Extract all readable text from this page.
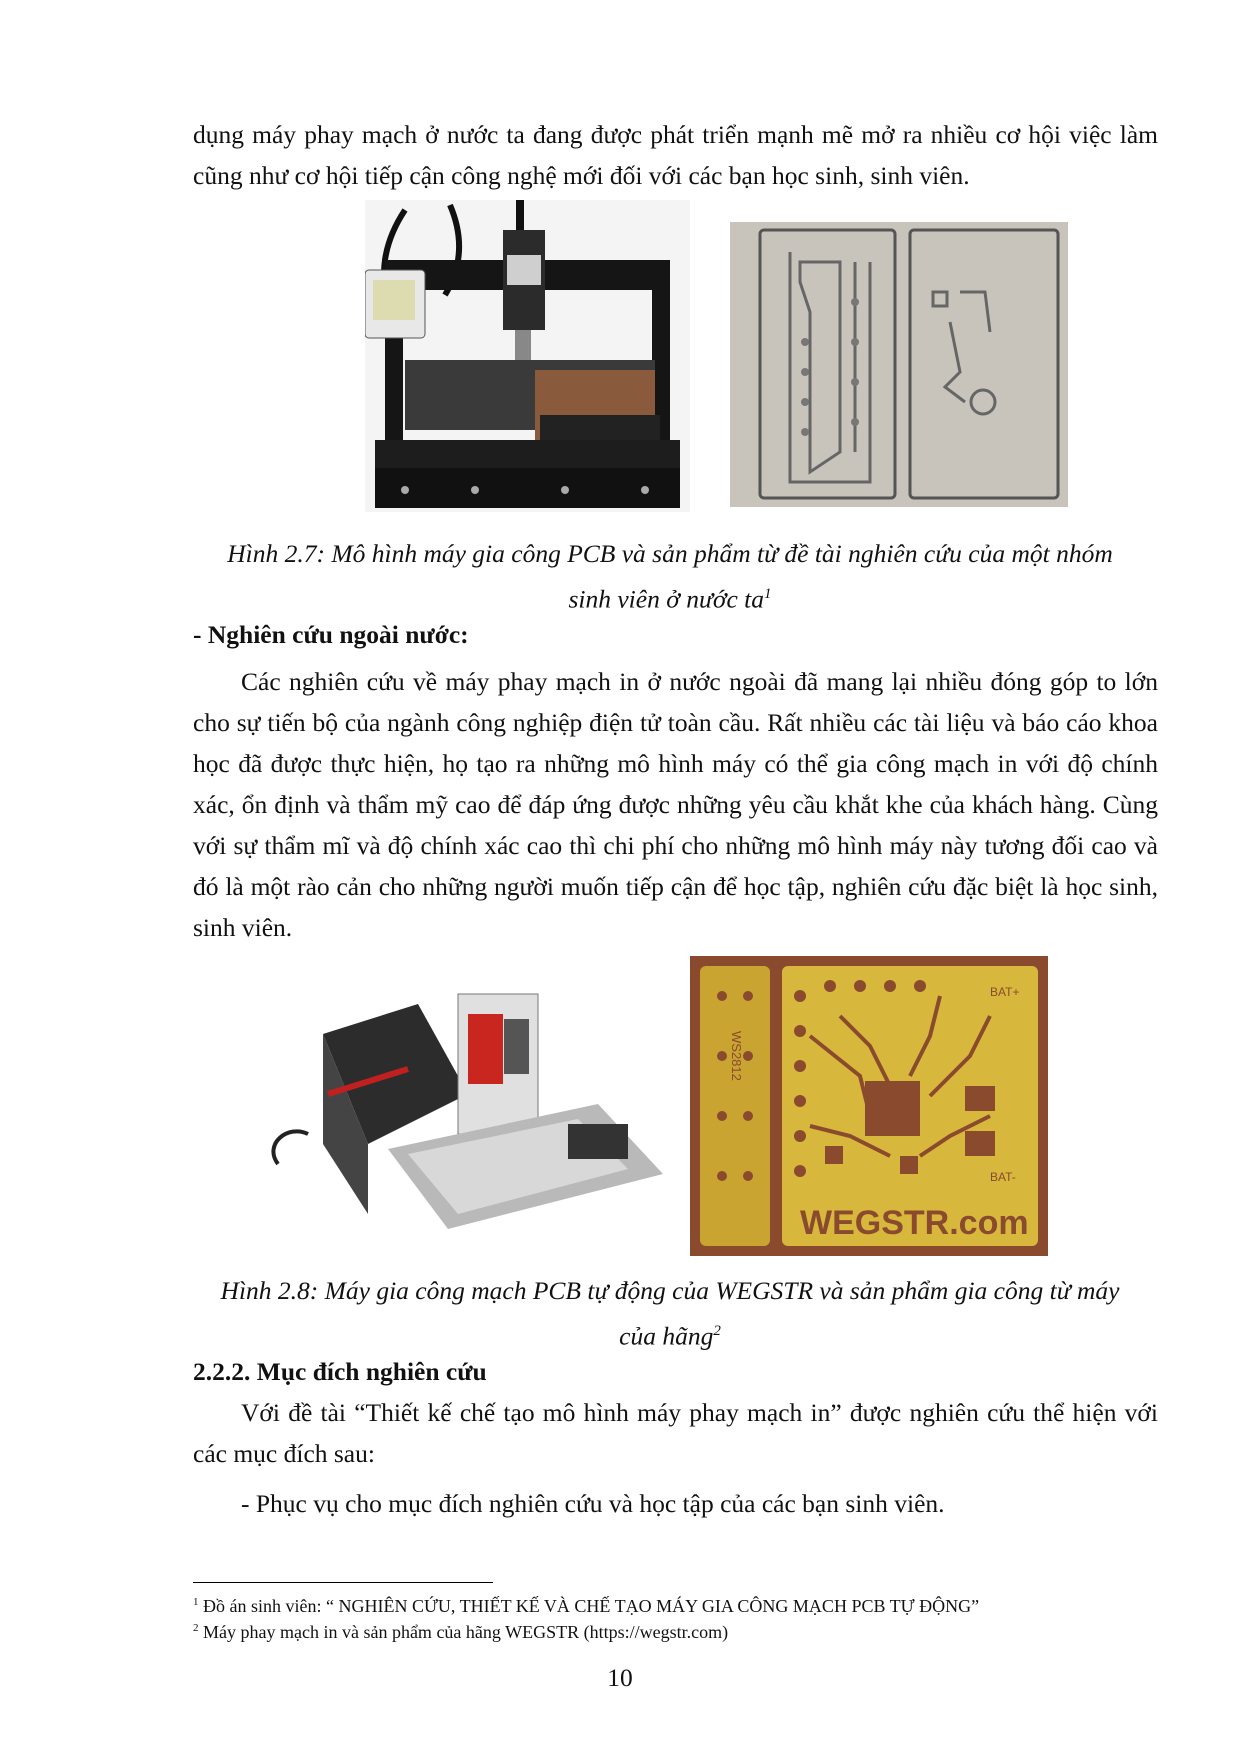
dụng máy phay mạch ở nước ta đang được phát triển mạnh mẽ mở ra nhiều cơ hội việc làm cũng như cơ hội tiếp cận công nghệ mới đối với các bạn học sinh, sinh viên.
Hình 2.7: Mô hình máy gia công PCB và sản phẩm từ đề tài nghiên cứu của một nhóm
sinh viên ở nước $ta^1$
- Nghiên cứu ngoài nước:
Các nghiên cứu về máy phay mạch in ở nước ngoài đã mang lại nhiều đóng góp to lớn cho sự tiến bộ của ngành công nghiệp điện tử toàn cầu. Rất nhiều các tài liệu và báo cáo khoa học đã được thực hiện, họ tạo ra những mô hình máy có thể gia công mạch in với độ chính xác, ổn định và thẩm mỹ cao để đáp ứng được những yêu cầu khắt khe của khách hàng. Cùng với sự thẩm mĩ và độ chính xác cao thì chi phí cho những mô hình máy này tương đối cao và đó là một rào cản cho những người muốn tiếp cận để học tập, nghiên cứu đặc biệt là học sinh, sinh viên.
WS2812
BAT+
BAT-
WEGSTR.com
Hình 2.8: Máy gia công mạch PCB tự động của WEGSTR và sản phẩm gia công từ máy
của hãng$^2$
2.2.2. Mục đích nghiên cứu
Với đề tài “Thiết kế chế tạo mô hình máy phay mạch in” được nghiên cứu thể hiện với các mục đích sau:
- Phục vụ cho mục đích nghiên cứu và học tập của các bạn sinh viên.
$^1$ Đồ án sinh viên: “ NGHIÊN CỨU, THIẾT KẾ VÀ CHẾ TẠO MÁY GIA CÔNG MẠCH PCB TỰ ĐỘNG”
$^2$ Máy phay mạch in và sản phẩm của hãng WEGSTR (https://wegstr.com)
10
